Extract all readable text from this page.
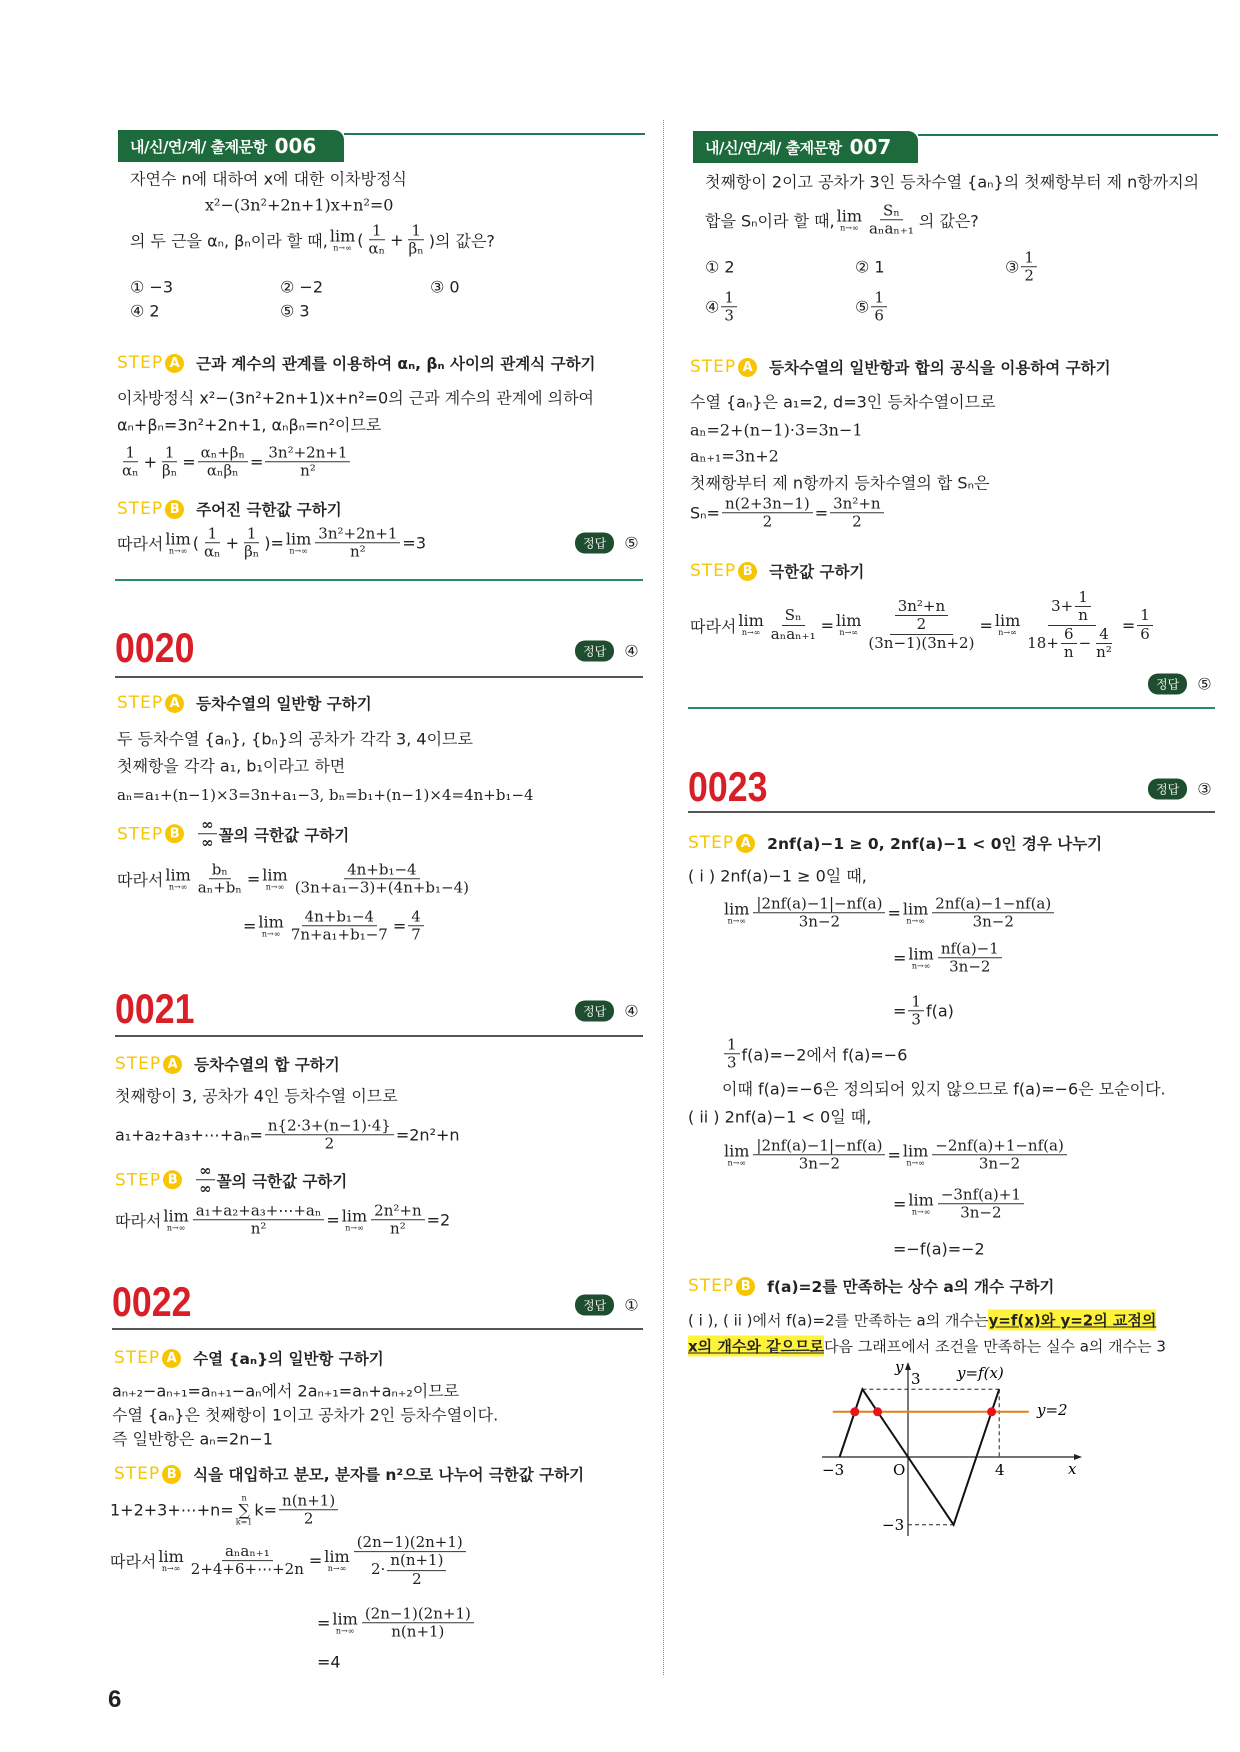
내/신/연/계/ 출제문항 006
자연수 n에 대하여 x에 대한 이차방정식
x²−(3n²+2n+1)x+n²=0
의 두 근을 αₙ, βₙ이라 할 때, lim
n→∞ ( $\frac{1}{\text{αₙ}} + \frac{1}{\text{βₙ}}$ )의 값은?
① −3	② −2	③ 0
④ 2	⑤ 3
STEP A 근과 계수의 관계를 이용하여 αₙ, βₙ 사이의 관계식 구하기
이차방정식 x²−(3n²+2n+1)x+n²=0의 근과 계수의 관계에 의하여
αₙ+βₙ=3n²+2n+1, αₙβₙ=n²이므로
$\frac{1}{\text{αₙ}} + \frac{1}{\text{βₙ}} = \frac{\text{αₙ+βₙ}}{\text{αₙβₙ}} = \frac{\text{3n²+2n+1}}{\text{n²}}$
STEP B 주어진 극한값 구하기
따라서 lim
n→∞ ( $\frac{1}{\text{αₙ}} + \frac{1}{\text{βₙ}}$ )= lim
$n\to\infty \frac{\text{3n²+2n+1}}{\text{n²}} =3$	정답	⑤
0020	정답	④
STEP A 등차수열의 일반항 구하기
두 등차수열 {aₙ}, {bₙ}의 공차가 각각 3, 4이므로
첫째항을 각각 a₁, b₁이라고 하면
aₙ=a₁+(n−1)×3=3n+a₁−3, bₙ=b₁+(n−1)×4=4n+b₁−4
STEP B	$\frac{\infty}{\infty}$ 꼴의 극한값 구하기
따라서 lim
$n\to\infty \frac{\text{bₙ}}{\text{aₙ+bₙ}} = \lim$
$n\to\infty \frac{\text{4n+b₁−4}}{\text{(3n+a₁−3)+(4n+b₁−4)}}$
= lim
$n\to\infty \frac{\text{4n+b₁−4}}{\text{7n+a₁+b₁−7}} = \frac{4}{7}$
0021	정답	④
STEP A 등차수열의 합 구하기
첫째항이 3, 공차가 4인 등차수열 이므로
a₁+a₂+a₃+⋯+aₙ= $\frac{n\{2\cdot 3+(n-1)\cdot 4\}}{2} =2n^2+n$
STEP B	$\frac{\infty}{\infty}$ 꼴의 극한값 구하기
따라서 lim
$n\to\infty \frac{\text{a₁+a₂+a₃+⋯+aₙ}}{\text{n²}} = \lim$
$n\to\infty \frac{\text{2n²+n}}{\text{n²}} =2$
0022	정답	①
STEP A 수열 {aₙ}의 일반항 구하기
aₙ₊₂−aₙ₊₁=aₙ₊₁−aₙ에서 2aₙ₊₁=aₙ+aₙ₊₂이므로
수열 {aₙ}은 첫째항이 1이고 공차가 2인 등차수열이다.
즉 일반항은 aₙ=2n−1
STEP B 식을 대입하고 분모, 분자를 n²으로 나누어 극한값 구하기
1+2+3+⋯+n=
n
∑
k=1
$k= \frac{n(n+1)}{2}$
따라서 lim
$n\to\infty \frac{\text{aₙaₙ₊₁}}{2+4+6+\cdots+2n} = \lim$
$n\to\infty \frac{(2n-1)(2n+1)}{2\cdot \frac{n(n+1)}{2}}$
= lim
$n\to\infty \frac{(2n-1)(2n+1)}{n(n+1)}$
=4
6
내/신/연/계/ 출제문항 007
첫째항이 2이고 공차가 3인 등차수열 {aₙ}의 첫째항부터 제 n항까지의
합을 Sₙ이라 할 때, lim
$n\to\infty \frac{\text{Sₙ}}{\text{aₙaₙ₊₁}}$ 의 값은?
① 2	② 1	③ $\frac{1}{2}$
④ $\frac{1}{3}$	⑤ $\frac{1}{6}$
STEP A 등차수열의 일반항과 합의 공식을 이용하여 구하기
수열 {aₙ}은 a₁=2, d=3인 등차수열이므로
aₙ=2+(n−1)·3=3n−1
aₙ₊₁=3n+2
첫째항부터 제 n항까지 등차수열의 합 Sₙ은
$S_n= \frac{n(2+3n-1)}{2} = \frac{\text{3n²+n}}{2}$
STEP B 극한값 구하기
따라서 lim
$n\to\infty \frac{\text{Sₙ}}{\text{aₙaₙ₊₁}} = \lim$
$n\to\infty \frac{\frac{\text{3n²+n}}{2}}{(3n-1)(3n+2)} = \lim$
$n\to\infty \frac{3+ \frac{1}{n}}{18+ \frac{6}{n} - \frac{4}{\text{n²}}} = \frac{1}{6}$
정답	⑤
0023	정답	③
STEP A 2nf(a)−1 ≥ 0, 2nf(a)−1 < 0인 경우 나누기
( i ) 2nf(a)−1 ≥ 0일 때,
lim
$n\to\infty \frac{|2nf(a)-1|-nf(a)}{3n-2} = \lim$
$n\to\infty \frac{2nf(a)-1-nf(a)}{3n-2}$
= lim
$n\to\infty \frac{nf(a)-1}{3n-2}$
= $\frac{1}{3} f(a)$
$\frac{1}{3} f(a)=-2$에서 f(a)=−6
이때 f(a)=−6은 정의되어 있지 않으므로 f(a)=−6은 모순이다.
( ii ) 2nf(a)−1 < 0일 때,
lim
$n\to\infty \frac{|2nf(a)-1|-nf(a)}{3n-2} = \lim$
$n\to\infty \frac{-2nf(a)+1-nf(a)}{3n-2}$
= lim
$n\to\infty \frac{-3nf(a)+1}{3n-2}$
=−f(a)=−2
STEP B f(a)=2를 만족하는 상수 a의 개수 구하기
( i ), ( ii )에서 f(a)=2를 만족하는 a의 개수는 y=f(x)와 y=2의 교점의
x의 개수와 같으므로 다음 그래프에서 조건을 만족하는 실수 a의 개수는 3
y
x
O
3
−3
−3	4
y=f(x)
y=2
